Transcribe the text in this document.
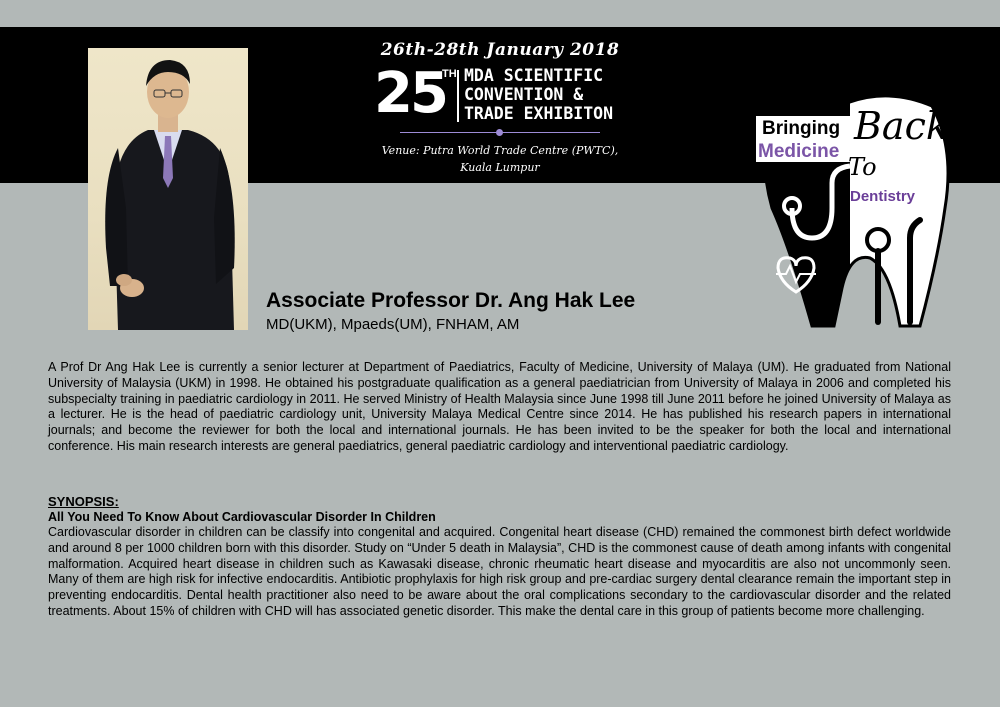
26th-28th January 2018
25
TH MDA SCIENTIFIC
CONVENTION &
TRADE EXHIBITON
Venue: Putra World Trade Centre (PWTC),
Kuala Lumpur
Bringing
Medicine
Back
To
Dentistry
Associate Professor Dr. Ang Hak Lee
MD(UKM), Mpaeds(UM), FNHAM, AM

A Prof Dr Ang Hak Lee is currently a senior lecturer at Department of Paediatrics, Faculty of Medicine, University of Malaya (UM). He graduated from National University of Malaysia (UKM) in 1998. He obtained his postgraduate qualification as a general paediatrician from University of Malaya in 2006 and completed his subspecialty training in paediatric cardiology in 2011. He served Ministry of Health Malaysia since June 1998 till June 2011 before he joined University of Malaya as a lecturer. He is the head of paediatric cardiology unit, University Malaya Medical Centre since 2014. He has published his research papers in international journals; and become the reviewer for both the local and international journals. He has been invited to be the speaker for both the local and international conference. His main research interests are general paediatrics, general paediatric cardiology and interventional paediatric cardiology.

SYNOPSIS:
All You Need To Know About Cardiovascular Disorder In Children

Cardiovascular disorder in children can be classify into congenital and acquired. Congenital heart disease (CHD) remained the commonest birth defect worldwide and around 8 per 1000 children born with this disorder. Study on “Under 5 death in Malaysia”, CHD is the commonest cause of death among infants with congenital malformation. Acquired heart disease in children such as Kawasaki disease, chronic rheumatic heart disease and myocarditis are also not uncommonly seen. Many of them are high risk for infective endocarditis. Antibiotic prophylaxis for high risk group and pre-cardiac surgery dental clearance remain the important step in preventing endocarditis. Dental health practitioner also need to be aware about the oral complications secondary to the cardiovascular disorder and the related treatments. About 15% of children with CHD will has associated genetic disorder. This make the dental care in this group of patients become more challenging.
